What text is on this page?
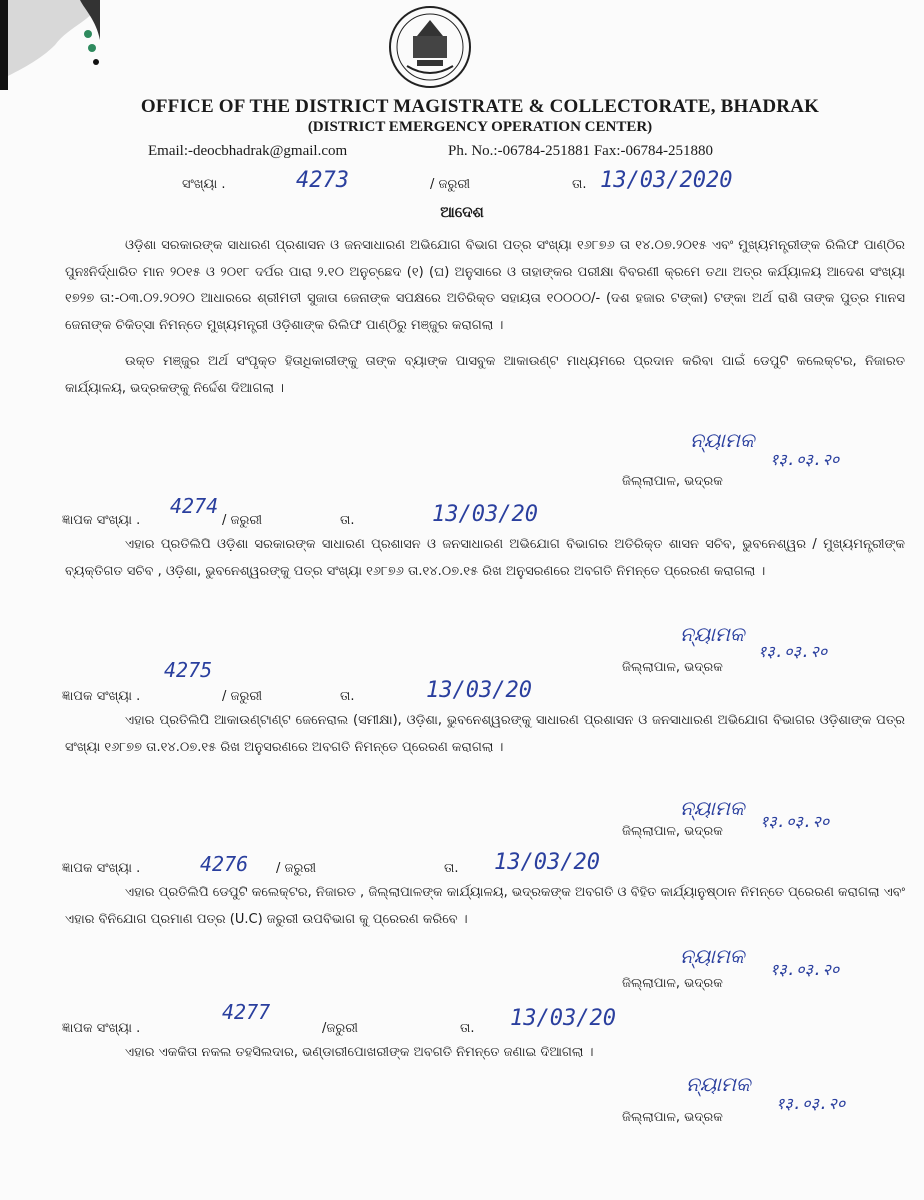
OFFICE OF THE DISTRICT MAGISTRATE & COLLECTORATE, BHADRAK
(DISTRICT EMERGENCY OPERATION CENTER)
Email:-deocbhadrak@gmail.com	Ph. No.:-06784-251881 Fax:-06784-251880
ସଂଖ୍ୟା .	4273	/ ଜରୁରୀ	ତା. 13/03/2020
ଆଦେଶ

ଓଡ଼ିଶା ସରକାରଙ୍କ ସାଧାରଣ ପ୍ରଶାସନ ଓ ଜନସାଧାରଣ ଅଭିଯୋଗ ବିଭାଗ ପତ୍ର ସଂଖ୍ୟା ୧୬୮୭୬ ତା ୧୪.୦୭.୨୦୧୫ ଏବଂ ମୁଖ୍ୟମନ୍ତ୍ରୀଙ୍କ ରିଲିଫ ପାଣ୍ଠିର ପୁନଃନିର୍ଦ୍ଧାରିତ ମାନ ୨୦୧୫ ଓ ୨୦୧୮ ଦର୍ପର ପାରା ୨.୧୦ ଅନୁଚ୍ଛେଦ (୧) (ଘ) ଅନୁସାରେ ଓ ତାହାଙ୍କର ପରୀକ୍ଷା ବିବରଣୀ କ୍ରମେ ତଥା ଅତ୍ର କର୍ଯ୍ୟାଳୟ ଆଦେଶ ସଂଖ୍ୟା ୧୭୨୭ ତା:-୦୩.୦୨.୨୦୨୦ ଆଧାରରେ ଶ୍ରୀମତୀ ସୁଜାତା ଜେନାଙ୍କ ସପକ୍ଷରେ ଅତିରିକ୍ତ ସହାୟତା ୧୦୦୦୦/- (ଦଶ ହଜାର ଟଙ୍କା) ଟଙ୍କା ଅର୍ଥ ରାଶି ତାଙ୍କ ପୁତ୍ର ମାନସ ଜେନାଙ୍କ ଚିକିତ୍ସା ନିମନ୍ତେ ମୁଖ୍ୟମନ୍ତ୍ରୀ ଓଡ଼ିଶାଙ୍କ ରିଲିଫ ପାଣ୍ଠିରୁ ମଞ୍ଜୁର କରାଗଲା ।

ଉକ୍ତ ମଞ୍ଜୁର ଅର୍ଥ ସଂପୃକ୍ତ ହିତାଧିକାରୀଙ୍କୁ ତାଙ୍କ ବ୍ୟାଙ୍କ ପାସବୁକ ଆକାଉଣ୍ଟ ମାଧ୍ୟମରେ ପ୍ରଦାନ କରିବା ପାଇଁ ଡେପୁଟି କଲେକ୍ଟର, ନିଜାରତ କାର୍ଯ୍ୟାଳୟ, ଭଦ୍ରକଙ୍କୁ ନିର୍ଦ୍ଦେଶ ଦିଆଗଲା ।

ନ୍ୟାମକ
१३.०३.२०
ଜିଲ୍ଲାପାଳ, ଭଦ୍ରକ
ଜ୍ଞାପକ ସଂଖ୍ୟା .
4274
/ ଜରୁରୀ	ତା.	13/03/20

ଏହାର ପ୍ରତିଲିପି ଓଡ଼ିଶା ସରକାରଙ୍କ ସାଧାରଣ ପ୍ରଶାସନ ଓ ଜନସାଧାରଣ ଅଭିଯୋଗ ବିଭାଗର ଅତିରିକ୍ତ ଶାସନ ସଚିବ, ଭୁବନେଶ୍ୱର / ମୁଖ୍ୟମନ୍ତ୍ରୀଙ୍କ ବ୍ୟକ୍ତିଗତ ସଚିବ , ଓଡ଼ିଶା, ଭୁବନେଶ୍ୱରଙ୍କୁ ପତ୍ର ସଂଖ୍ୟା ୧୬୮୭୬ ତା.୧୪.୦୭.୧୫ ରିଖ ଅନୁସରଣରେ ଅବଗତି ନିମନ୍ତେ ପ୍ରେରଣ କରାଗଲା ।

ନ୍ୟାମକ
१३.०३.२०
ଜିଲ୍ଲାପାଳ, ଭଦ୍ରକ
4275
ଜ୍ଞାପକ ସଂଖ୍ୟା .	/ ଜରୁରୀ	ତା.	13/03/20

ଏହାର ପ୍ରତିଲିପି ଆକାଉଣ୍ଟାଣ୍ଟ ଜେନେରାଲ (ସମୀକ୍ଷା), ଓଡ଼ିଶା, ଭୁବନେଶ୍ୱରଙ୍କୁ ସାଧାରଣ ପ୍ରଶାସନ ଓ ଜନସାଧାରଣ ଅଭିଯୋଗ ବିଭାଗର ଓଡ଼ିଶାଙ୍କ ପତ୍ର ସଂଖ୍ୟା ୧୬୮୭୭ ତା.୧୪.୦୭.୧୫ ରିଖ ଅନୁସରଣରେ ଅବଗତି ନିମନ୍ତେ ପ୍ରେରଣ କରାଗଲା ।

ନ୍ୟାମକ
१३.०३.२०
ଜିଲ୍ଲାପାଳ, ଭଦ୍ରକ
ଜ୍ଞାପକ ସଂଖ୍ୟା .	4276 / ଜରୁରୀ	ତା. 13/03/20

ଏହାର ପ୍ରତିଲିପି ଡେପୁଟି କଲେକ୍ଟର, ନିଜାରତ , ଜିଲ୍ଲାପାଳଙ୍କ କାର୍ଯ୍ୟାଳୟ, ଭଦ୍ରକଙ୍କ ଅବଗତି ଓ ବିହିତ କାର୍ଯ୍ୟାନୁଷ୍ଠାନ ନିମନ୍ତେ ପ୍ରେରଣ କରାଗଲା ଏବଂ ଏହାର ବିନିଯୋଗ ପ୍ରମାଣ ପତ୍ର (U.C) ଜରୁରୀ ଉପବିଭାଗ କୁ ପ୍ରେରଣ କରିବେ ।

ନ୍ୟାମକ
१३.०३.२०
ଜିଲ୍ଲାପାଳ, ଭଦ୍ରକ
ଜ୍ଞାପକ ସଂଖ୍ୟା .
4277
/ଜରୁରୀ	ତା. 13/03/20

ଏହାର ଏକକିତା ନକଲ ତହସିଲଦାର, ଭଣ୍ଡାରୀପୋଖରୀଙ୍କ ଅବଗତି ନିମନ୍ତେ ଜଣାଇ ଦିଆଗଲା ।

ନ୍ୟାମକ
१३.०३.२०
ଜିଲ୍ଲାପାଳ, ଭଦ୍ରକ
